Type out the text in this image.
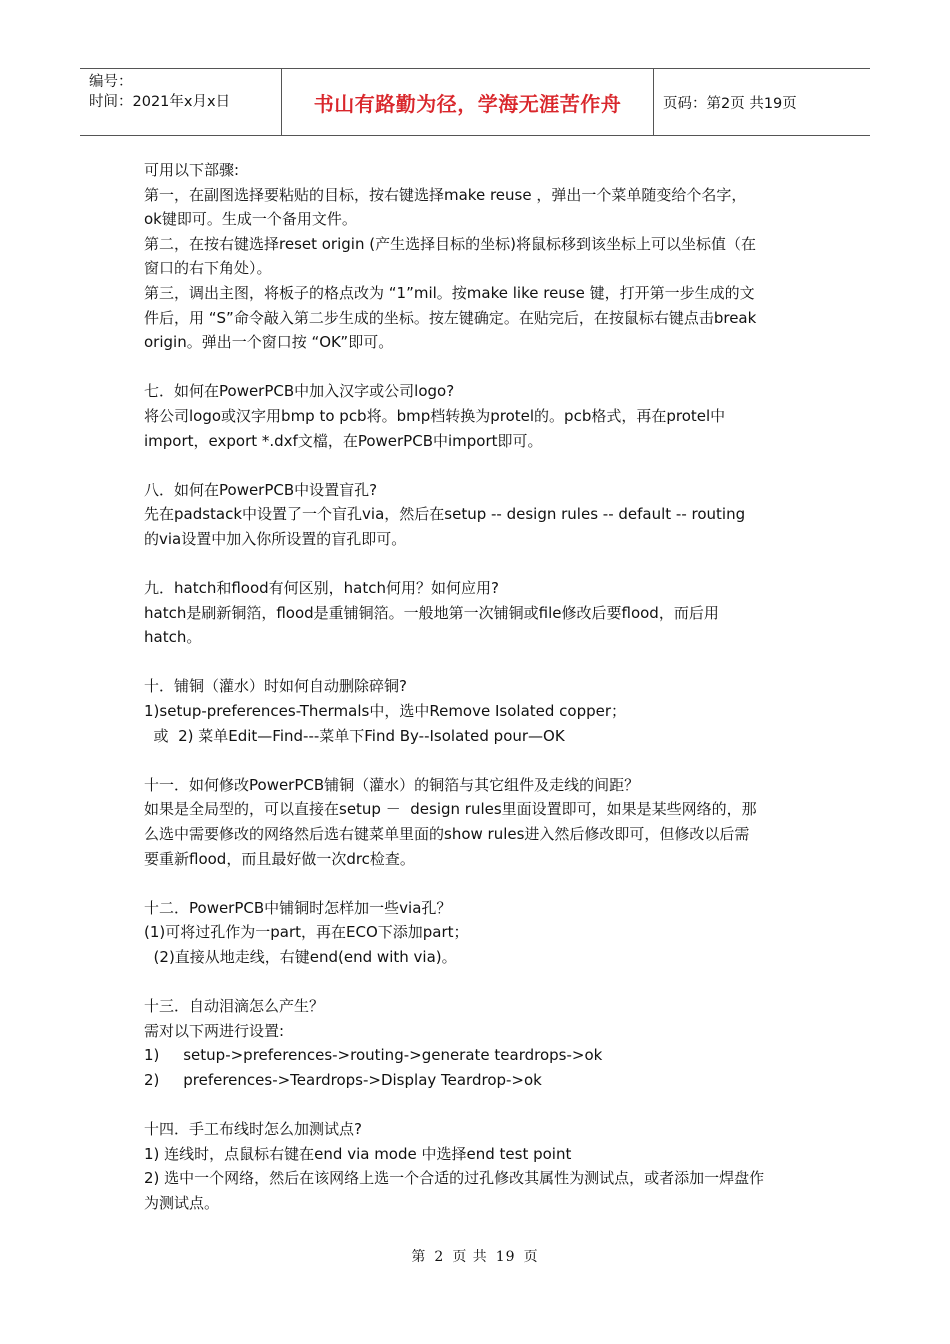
编号：
时间：2021年x月x日	书山有路勤为径，学海无涯苦作舟	页码：第2页 共19页

可用以下部骤:

第一，在副图选择要粘贴的目标，按右键选择make reuse ，弹出一个菜单随变给个名字，

ok键即可。生成一个备用文件。

第二，在按右键选择reset origin (产生选择目标的坐标)将鼠标移到该坐标上可以坐标值（在

窗口的右下角处）。

第三，调出主图，将板子的格点改为 “1”mil。按make like reuse 键，打开第一步生成的文

件后，用 “S”命令敲入第二步生成的坐标。按左键确定。在贴完后，在按鼠标右键点击break

origin。弹出一个窗口按 “OK”即可。

七．如何在PowerPCB中加入汉字或公司logo?

将公司logo或汉字用bmp to pcb将。bmp档转换为protel的。pcb格式，再在protel中

import，export *.dxf文檔，在PowerPCB中import即可。

八．如何在PowerPCB中设置盲孔?

先在padstack中设置了一个盲孔via，然后在setup -- design rules -- default -- routing

的via设置中加入你所设置的盲孔即可。

九．hatch和flood有何区别，hatch何用？如何应用?

hatch是刷新铜箔，flood是重铺铜箔。一般地第一次铺铜或file修改后要flood，而后用

hatch。

十．铺铜（灌水）时如何自动删除碎铜?

1)setup-preferences-Thermals中，选中Remove Isolated copper；

或  2) 菜单Edit—Find---菜单下Find By--Isolated pour—OK

十一．如何修改PowerPCB铺铜（灌水）的铜箔与其它组件及走线的间距？

如果是全局型的，可以直接在setup －  design rules里面设置即可，如果是某些网络的，那

么选中需要修改的网络然后选右键菜单里面的show rules进入然后修改即可，但修改以后需

要重新flood，而且最好做一次drc检查。

十二．PowerPCB中铺铜时怎样加一些via孔？

(1)可将过孔作为一part，再在ECO下添加part；

(2)直接从地走线，右键end(end with via)。

十三．自动泪滴怎么产生？

需对以下两进行设置:

1)     setup->preferences->routing->generate teardrops->ok

2)     preferences->Teardrops->Display Teardrop->ok

十四．手工布线时怎么加测试点?

1) 连线时，点鼠标右键在end via mode 中选择end test point

2) 选中一个网络，然后在该网络上选一个合适的过孔修改其属性为测试点，或者添加一焊盘作

为测试点。

第 2 页 共 19 页
